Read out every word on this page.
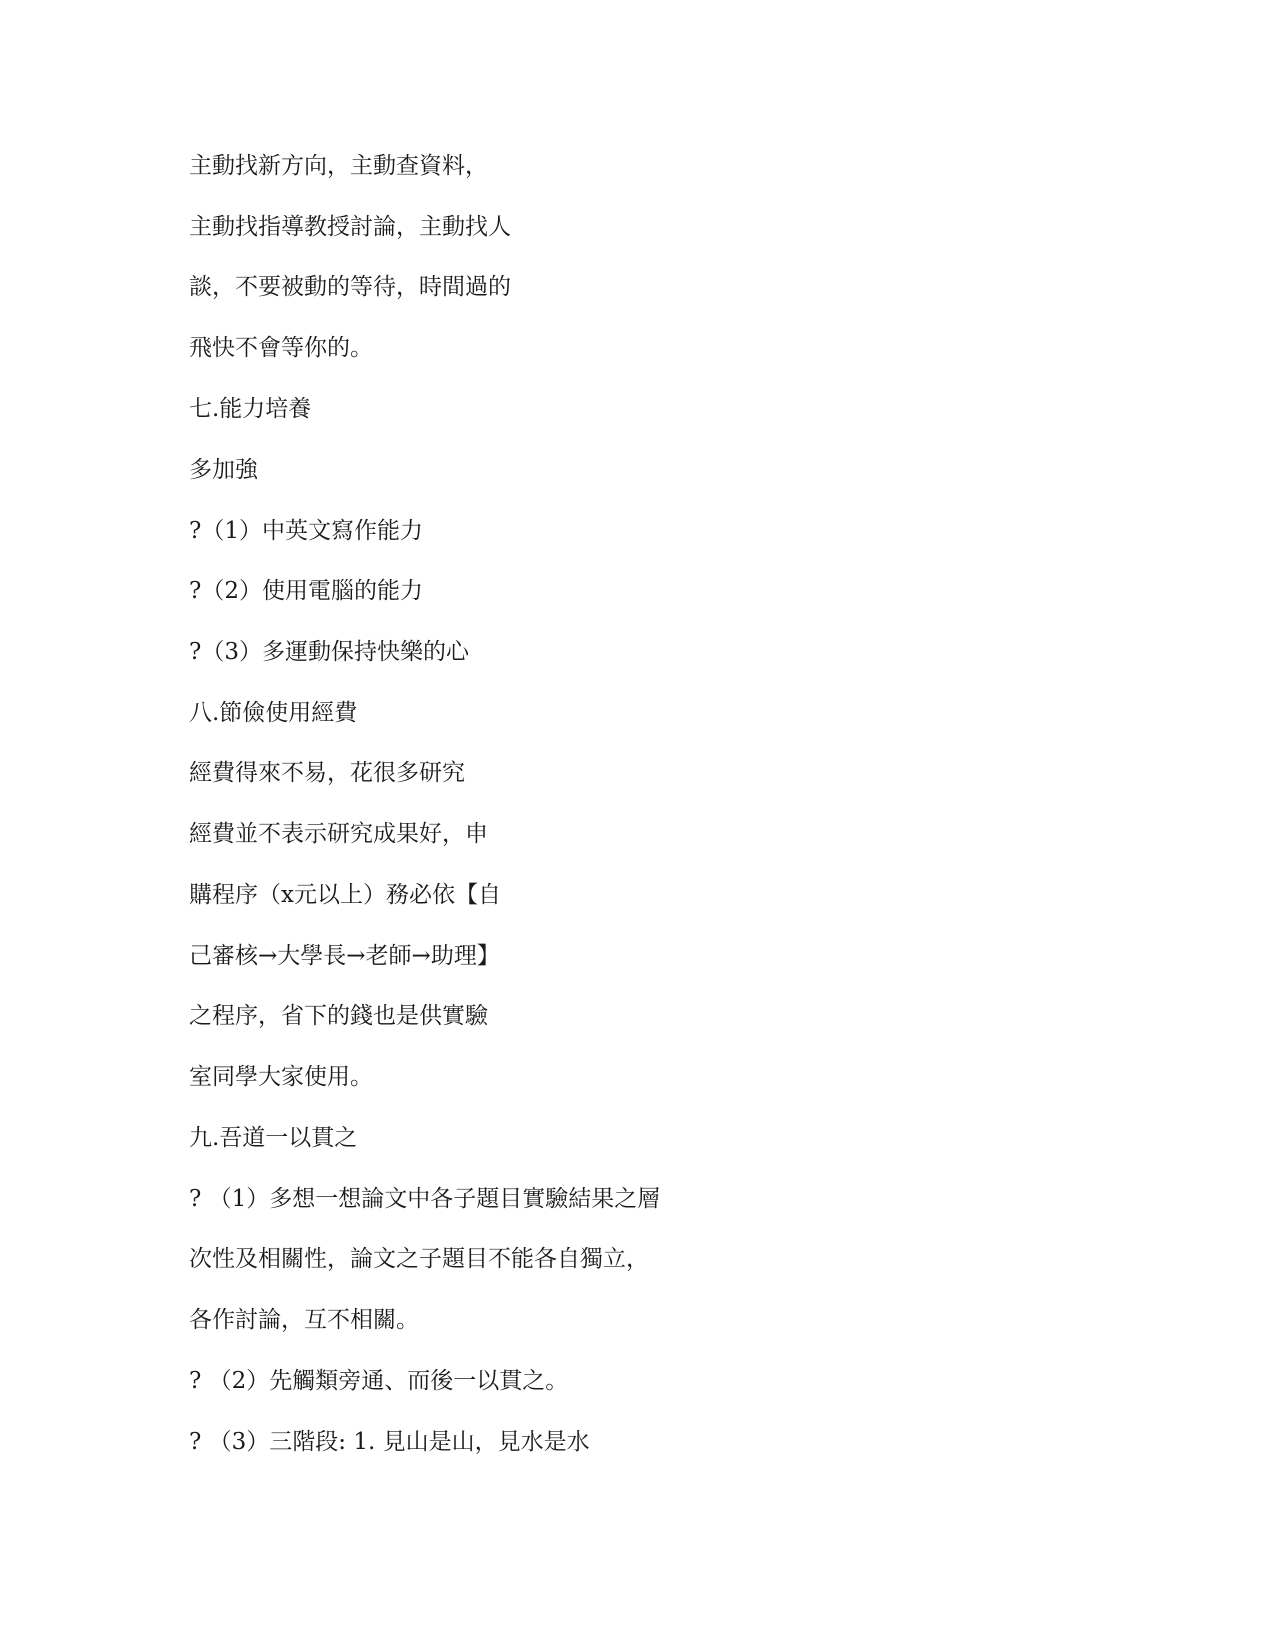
主動找新方向，主動查資料，

主動找指導教授討論，主動找人

談，不要被動的等待，時間過的

飛快不會等你的。

七.能力培養

多加強

?（1）中英文寫作能力

?（2）使用電腦的能力

?（3）多運動保持快樂的心

八.節儉使用經費

經費得來不易，花很多研究

經費並不表示研究成果好，申

購程序（x元以上）務必依【自

己審核→大學長→老師→助理】

之程序，省下的錢也是供實驗

室同學大家使用。

九.吾道一以貫之

? （1）多想一想論文中各子題目實驗結果之層

次性及相關性，論文之子題目不能各自獨立，

各作討論，互不相關。

? （2）先觸類旁通、而後一以貫之。

? （3）三階段: 1. 見山是山，見水是水
